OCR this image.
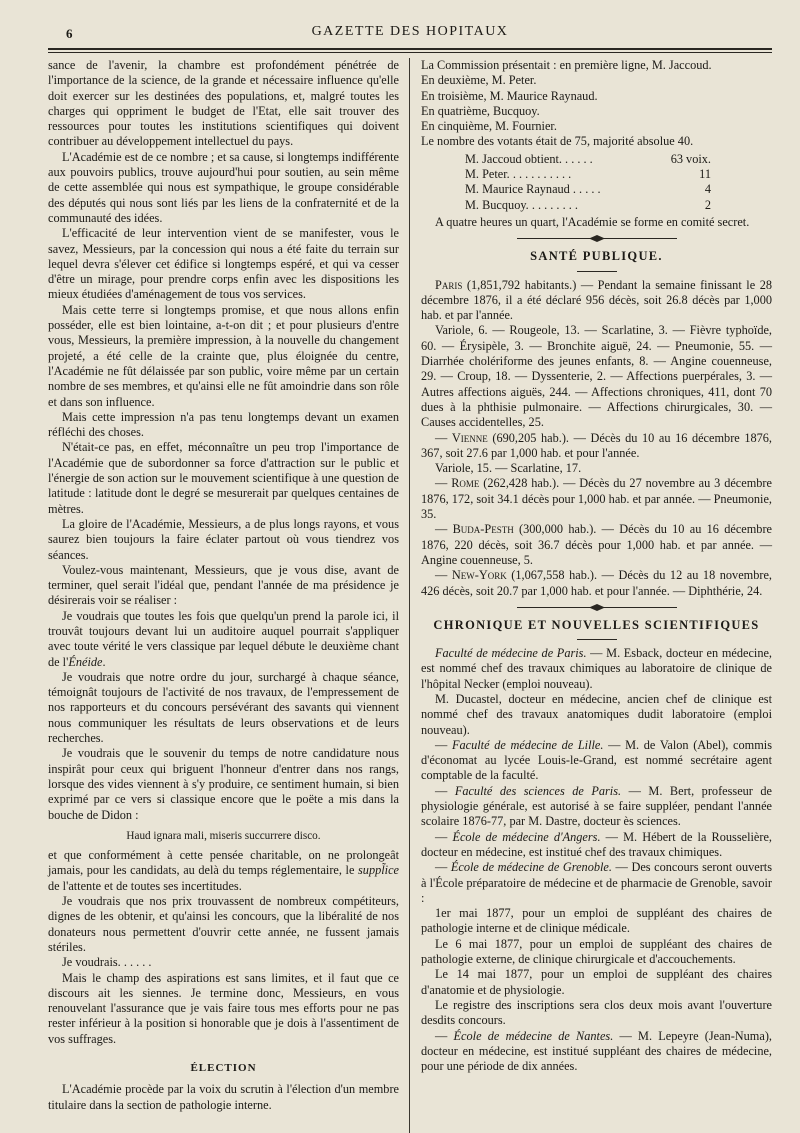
6	GAZETTE DES HOPITAUX

sance de l'avenir, la chambre est profondément pénétrée de l'importance de la science, de la grande et nécessaire influence qu'elle doit exercer sur les destinées des populations, et, malgré toutes les charges qui oppriment le budget de l'Etat, elle sait trouver des ressources pour toutes les institutions scientifiques qui doivent contribuer au développement intellectuel du pays.

L'Académie est de ce nombre ; et sa cause, si longtemps indifférente aux pouvoirs publics, trouve aujourd'hui pour soutien, au sein même de cette assemblée qui nous est sympathique, le groupe considérable des députés qui nous sont liés par les liens de la confraternité et de la communauté des idées.

L'efficacité de leur intervention vient de se manifester, vous le savez, Messieurs, par la concession qui nous a été faite du terrain sur lequel devra s'élever cet édifice si longtemps espéré, et qui va cesser d'être un mirage, pour prendre corps enfin avec les dispositions les mieux étudiées d'aménagement de tous vos services.

Mais cette terre si longtemps promise, et que nous allons enfin posséder, elle est bien lointaine, a-t-on dit ; et pour plusieurs d'entre vous, Messieurs, la première impression, à la nouvelle du changement projeté, a été celle de la crainte que, plus éloignée du centre, l'Académie ne fût délaissée par son public, voire même par un certain nombre de ses membres, et qu'ainsi elle ne fût amoindrie dans son rôle et dans son influence.

Mais cette impression n'a pas tenu longtemps devant un examen réfléchi des choses.

N'était-ce pas, en effet, méconnaître un peu trop l'importance de l'Académie que de subordonner sa force d'attraction sur le public et l'énergie de son action sur le mouvement scientifique à une question de latitude : latitude dont le degré se mesurerait par quelques centaines de mètres.

La gloire de l'Académie, Messieurs, a de plus longs rayons, et vous saurez bien toujours la faire éclater partout où vous tiendrez vos séances.

Voulez-vous maintenant, Messieurs, que je vous dise, avant de terminer, quel serait l'idéal que, pendant l'année de ma présidence je désirerais voir se réaliser :

Je voudrais que toutes les fois que quelqu'un prend la parole ici, il trouvât toujours devant lui un auditoire auquel pourrait s'appliquer avec toute vérité le vers classique par lequel débute le deuxième chant de l'Énéide.

Je voudrais que notre ordre du jour, surchargé à chaque séance, témoignât toujours de l'activité de nos travaux, de l'empressement de nos rapporteurs et du concours persévérant des savants qui viennent nous communiquer les résultats de leurs observations et de leurs recherches.

Je voudrais que le souvenir du temps de notre candidature nous inspirât pour ceux qui briguent l'honneur d'entrer dans nos rangs, lorsque des vides viennent à s'y produire, ce sentiment humain, si bien exprimé par ce vers si classique encore que le poëte a mis dans la bouche de Didon :

Haud ignara mali, miseris succurrere disco.

et que conformément à cette pensée charitable, on ne prolongeât jamais, pour les candidats, au delà du temps réglementaire, le suppl̃ice de l'attente et de toutes ses incertitudes.

Je voudrais que nos prix trouvassent de nombreux compétiteurs, dignes de les obtenir, et qu'ainsi les concours, que la libéralité de nos donateurs nous permettent d'ouvrir cette année, ne fussent jamais stériles.

Je voudrais. . . . . .

Mais le champ des aspirations est sans limites, et il faut que ce discours ait les siennes. Je termine donc, Messieurs, en vous renouvelant l'assurance que je vais faire tous mes efforts pour ne pas rester inférieur à la position si honorable que je dois à l'assentiment de vos suffrages.

ÉLECTION

L'Académie procède par la voix du scrutin à l'élection d'un membre titulaire dans la section de pathologie interne.

La Commission présentait : en première ligne, M. Jaccoud.

En deuxième, M. Peter.

En troisième, M. Maurice Raynaud.

En quatrième, Bucquoy.

En cinquième, M. Fournier.

Le nombre des votants était de 75, majorité absolue 40.

M. Jaccoud obtient. . . . . .	63 voix.
M. Peter. . . . . . . . . . .	11
M. Maurice Raynaud . . . . .	4
M. Bucquoy. . . . . . . . .	2

A quatre heures un quart, l'Académie se forme en comité secret.

SANTÉ PUBLIQUE.

Paris (1,851,792 habitants.) — Pendant la semaine finissant le 28 décembre 1876, il a été déclaré 956 décès, soit 26.8 décès par 1,000 hab. et par l'année.

Variole, 6. — Rougeole, 13. — Scarlatine, 3. — Fièvre typhoïde, 60. — Érysipèle, 3. — Bronchite aiguë, 24. — Pneumonie, 55. — Diarrhée cholériforme des jeunes enfants, 8. — Angine couenneuse, 29. — Croup, 18. — Dyssenterie, 2. — Affections puerpérales, 3. — Autres affections aiguës, 244. — Affections chroniques, 411, dont 70 dues à la phthisie pulmonaire. — Affections chirurgicales, 30. — Causes accidentelles, 25.

— Vienne (690,205 hab.). — Décès du 10 au 16 décembre 1876, 367, soit 27.6 par 1,000 hab. et pour l'année.

Variole, 15. — Scarlatine, 17.

— Rome (262,428 hab.). — Décès du 27 novembre au 3 décembre 1876, 172, soit 34.1 décès pour 1,000 hab. et par année. — Pneumonie, 35.

— Buda-Pesth (300,000 hab.). — Décès du 10 au 16 décembre 1876, 220 décès, soit 36.7 décès pour 1,000 hab. et par année. — Angine couenneuse, 5.

— New-York (1,067,558 hab.). — Décès du 12 au 18 novembre, 426 décès, soit 20.7 par 1,000 hab. et pour l'année. — Diphthérie, 24.

CHRONIQUE ET NOUVELLES SCIENTIFIQUES

Faculté de médecine de Paris. — M. Esback, docteur en médecine, est nommé chef des travaux chimiques au laboratoire de clinique de l'hôpital Necker (emploi nouveau).

M. Ducastel, docteur en médecine, ancien chef de clinique est nommé chef des travaux anatomiques dudit laboratoire (emploi nouveau).

— Faculté de médecine de Lille. — M. de Valon (Abel), commis d'économat au lycée Louis-le-Grand, est nommé secrétaire agent comptable de la faculté.

— Faculté des sciences de Paris. — M. Bert, professeur de physiologie générale, est autorisé à se faire suppléer, pendant l'année scolaire 1876-77, par M. Dastre, docteur ès sciences.

— École de médecine d'Angers. — M. Hébert de la Rousselière, docteur en médecine, est institué chef des travaux chimiques.

— École de médecine de Grenoble. — Des concours seront ouverts à l'École préparatoire de médecine et de pharmacie de Grenoble, savoir :

1er mai 1877, pour un emploi de suppléant des chaires de pathologie interne et de clinique médicale.

Le 6 mai 1877, pour un emploi de suppléant des chaires de pathologie externe, de clinique chirurgicale et d'accouchements.

Le 14 mai 1877, pour un emploi de suppléant des chaires d'anatomie et de physiologie.

Le registre des inscriptions sera clos deux mois avant l'ouverture desdits concours.

— École de médecine de Nantes. — M. Lepeyre (Jean-Numa), docteur en médecine, est institué suppléant des chaires de médecine, pour une période de dix années.
